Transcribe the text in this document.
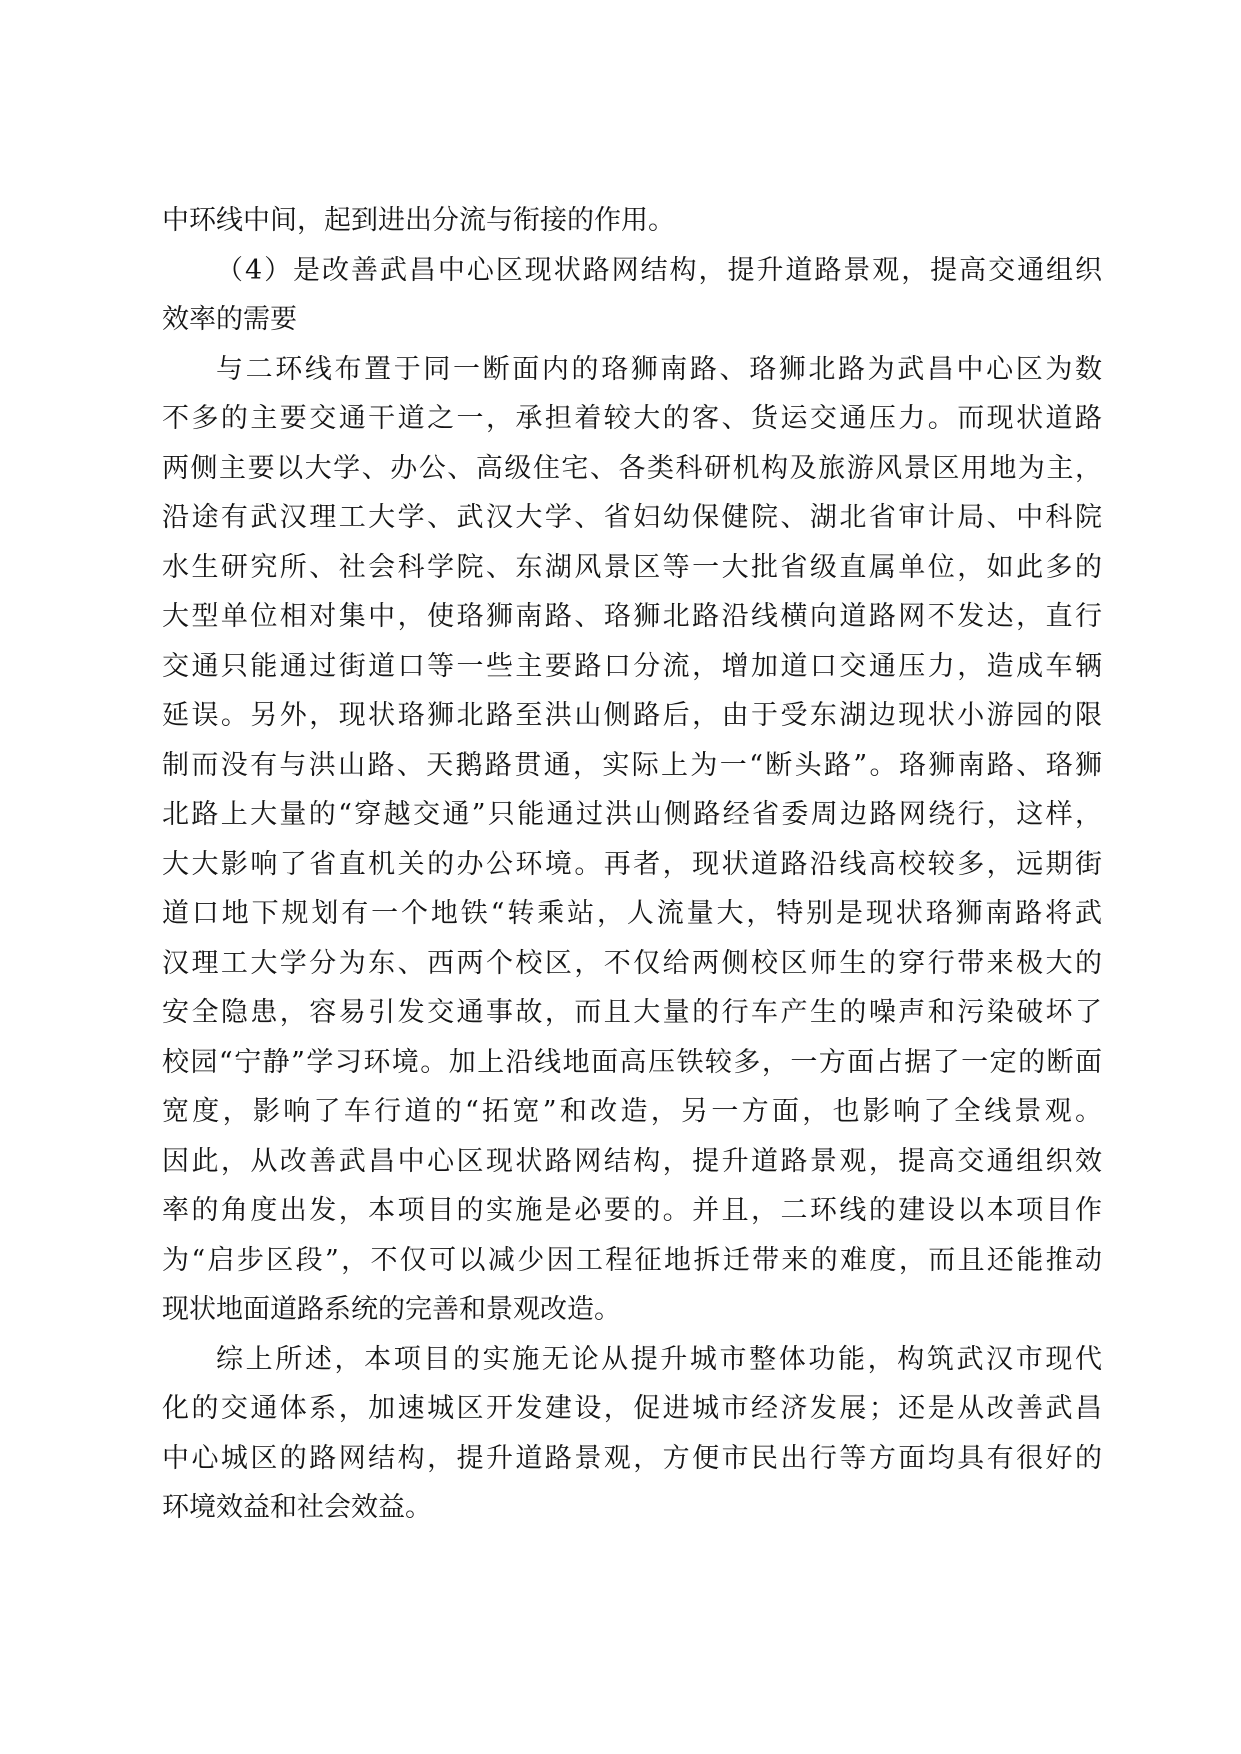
中环线中间，起到进出分流与衔接的作用。

（4）是改善武昌中心区现状路网结构，提升道路景观，提高交通组织
效率的需要

与二环线布置于同一断面内的珞狮南路、珞狮北路为武昌中心区为数
不多的主要交通干道之一，承担着较大的客、货运交通压力。而现状道路
两侧主要以大学、办公、高级住宅、各类科研机构及旅游风景区用地为主，
沿途有武汉理工大学、武汉大学、省妇幼保健院、湖北省审计局、中科院
水生研究所、社会科学院、东湖风景区等一大批省级直属单位，如此多的
大型单位相对集中，使珞狮南路、珞狮北路沿线横向道路网不发达，直行
交通只能通过街道口等一些主要路口分流，增加道口交通压力，造成车辆
延误。另外，现状珞狮北路至洪山侧路后，由于受东湖边现状小游园的限
制而没有与洪山路、天鹅路贯通，实际上为一“断头路”。珞狮南路、珞狮
北路上大量的“穿越交通”只能通过洪山侧路经省委周边路网绕行，这样，
大大影响了省直机关的办公环境。再者，现状道路沿线高校较多，远期街
道口地下规划有一个地铁“转乘站，人流量大，特别是现状珞狮南路将武
汉理工大学分为东、西两个校区，不仅给两侧校区师生的穿行带来极大的
安全隐患，容易引发交通事故，而且大量的行车产生的噪声和污染破坏了
校园“宁静”学习环境。加上沿线地面高压铁较多，一方面占据了一定的断面
宽度，影响了车行道的“拓宽”和改造，另一方面，也影响了全线景观。
因此，从改善武昌中心区现状路网结构，提升道路景观，提高交通组织效
率的角度出发，本项目的实施是必要的。并且，二环线的建设以本项目作
为“启步区段”，不仅可以减少因工程征地拆迁带来的难度，而且还能推动
现状地面道路系统的完善和景观改造。

综上所述，本项目的实施无论从提升城市整体功能，构筑武汉市现代
化的交通体系，加速城区开发建设，促进城市经济发展；还是从改善武昌
中心城区的路网结构，提升道路景观，方便市民出行等方面均具有很好的
环境效益和社会效益。
